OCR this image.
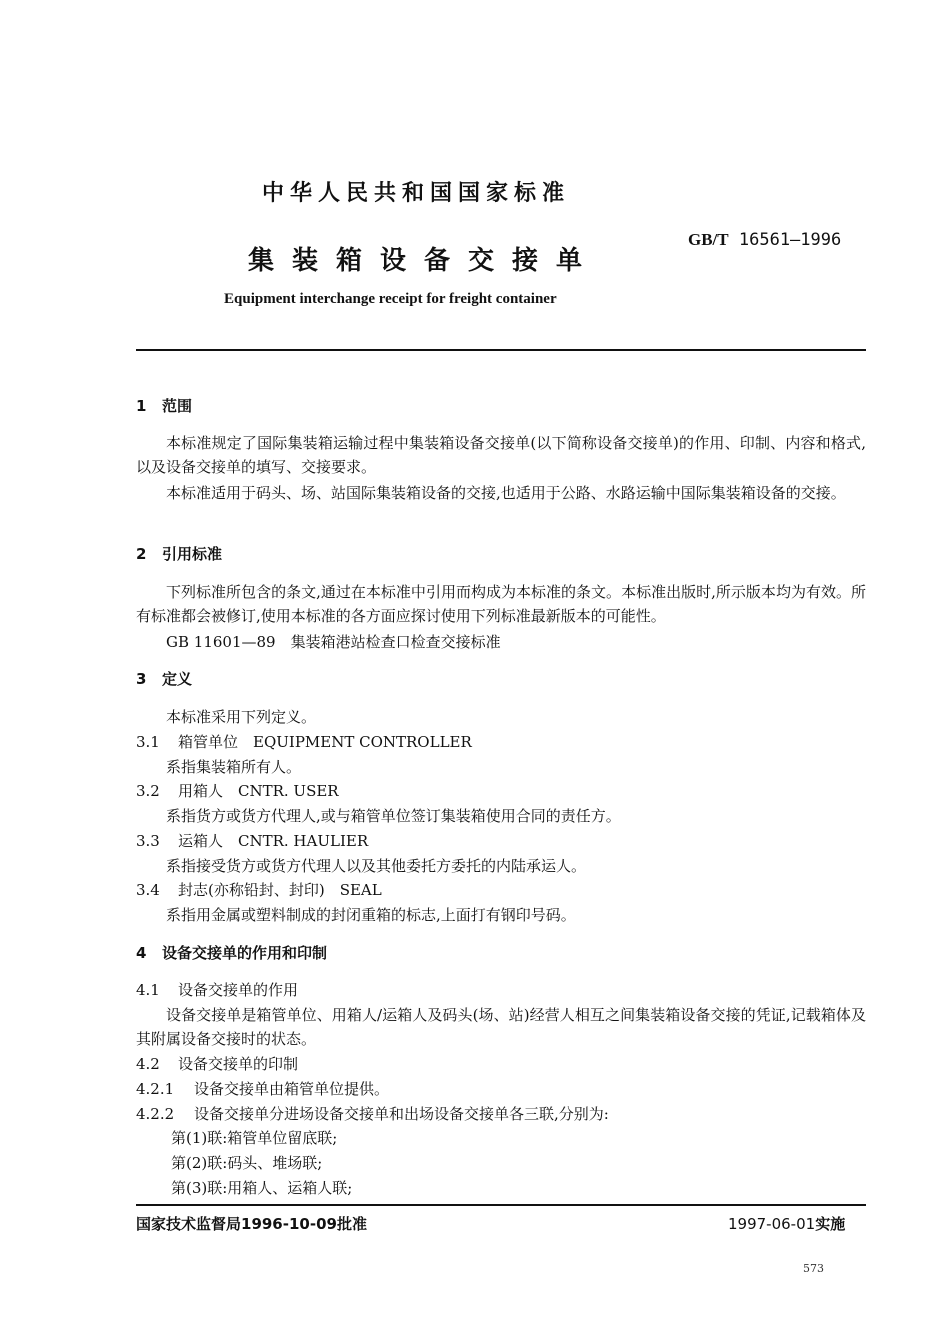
中华人民共和国国家标准
集装箱设备交接单
GB/T 16561—1996
Equipment interchange receipt for freight container
1 范围
本标准规定了国际集装箱运输过程中集装箱设备交接单(以下简称设备交接单)的作用、印制、内容和格式,以及设备交接单的填写、交接要求。
本标准适用于码头、场、站国际集装箱设备的交接,也适用于公路、水路运输中国际集装箱设备的交接。
2 引用标准
下列标准所包含的条文,通过在本标准中引用而构成为本标准的条文。本标准出版时,所示版本均为有效。所有标准都会被修订,使用本标准的各方面应探讨使用下列标准最新版本的可能性。
GB 11601—89　集装箱港站检查口检查交接标准
3 定义
本标准采用下列定义。
3.1 箱管单位　EQUIPMENT CONTROLLER
系指集装箱所有人。
3.2 用箱人　CNTR. USER
系指货方或货方代理人,或与箱管单位签订集装箱使用合同的责任方。
3.3 运箱人　CNTR. HAULIER
系指接受货方或货方代理人以及其他委托方委托的内陆承运人。
3.4 封志(亦称铅封、封印)　SEAL
系指用金属或塑料制成的封闭重箱的标志,上面打有钢印号码。
4 设备交接单的作用和印制
4.1 设备交接单的作用
设备交接单是箱管单位、用箱人/运箱人及码头(场、站)经营人相互之间集装箱设备交接的凭证,记载箱体及其附属设备交接时的状态。
4.2 设备交接单的印制
4.2.1 设备交接单由箱管单位提供。
4.2.2 设备交接单分进场设备交接单和出场设备交接单各三联,分别为:
第(1)联:箱管单位留底联;
第(2)联:码头、堆场联;
第(3)联:用箱人、运箱人联;
国家技术监督局1996-10-09批准	1997-06-01实施
573
